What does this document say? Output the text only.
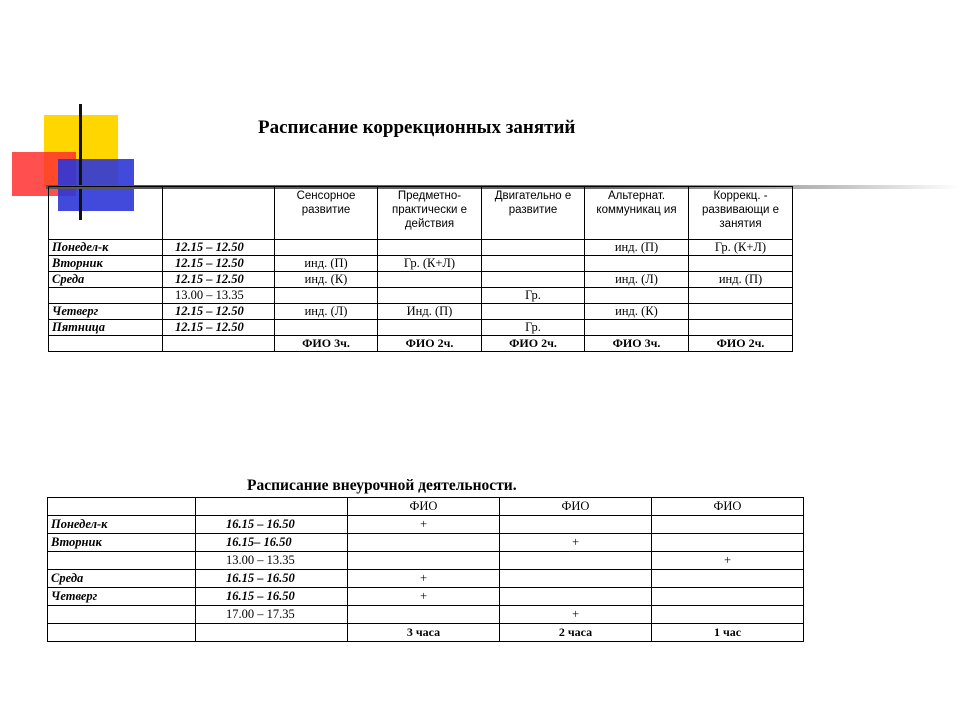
Расписание коррекционных занятий
		Сенсорное развитие	Предметно-практически е действия	Двигательно е развитие	Альтернат. коммуникац ия	Коррекц. - развивающи е занятия
Понедел-к	12.15 – 12.50				инд. (П)	Гр. (К+Л)
Вторник	12.15 – 12.50	инд. (П)	Гр. (К+Л)			
Среда	12.15 – 12.50	инд. (К)			инд. (Л)	инд. (П)
	13.00 – 13.35			Гр.		
Четверг	12.15 – 12.50	инд. (Л)	Инд. (П)		инд. (К)	
Пятница	12.15 – 12.50			Гр.		
		ФИО 3ч.	ФИО 2ч.	ФИО 2ч.	ФИО 3ч.	ФИО 2ч.
Расписание внеурочной деятельности.
		ФИО	ФИО	ФИО
Понедел-к	16.15 – 16.50	+		
Вторник	16.15– 16.50		+	
	13.00 – 13.35			+
Среда	16.15 – 16.50	+		
Четверг	16.15 – 16.50	+		
	17.00 – 17.35		+	
		3 часа	2 часа	1 час
